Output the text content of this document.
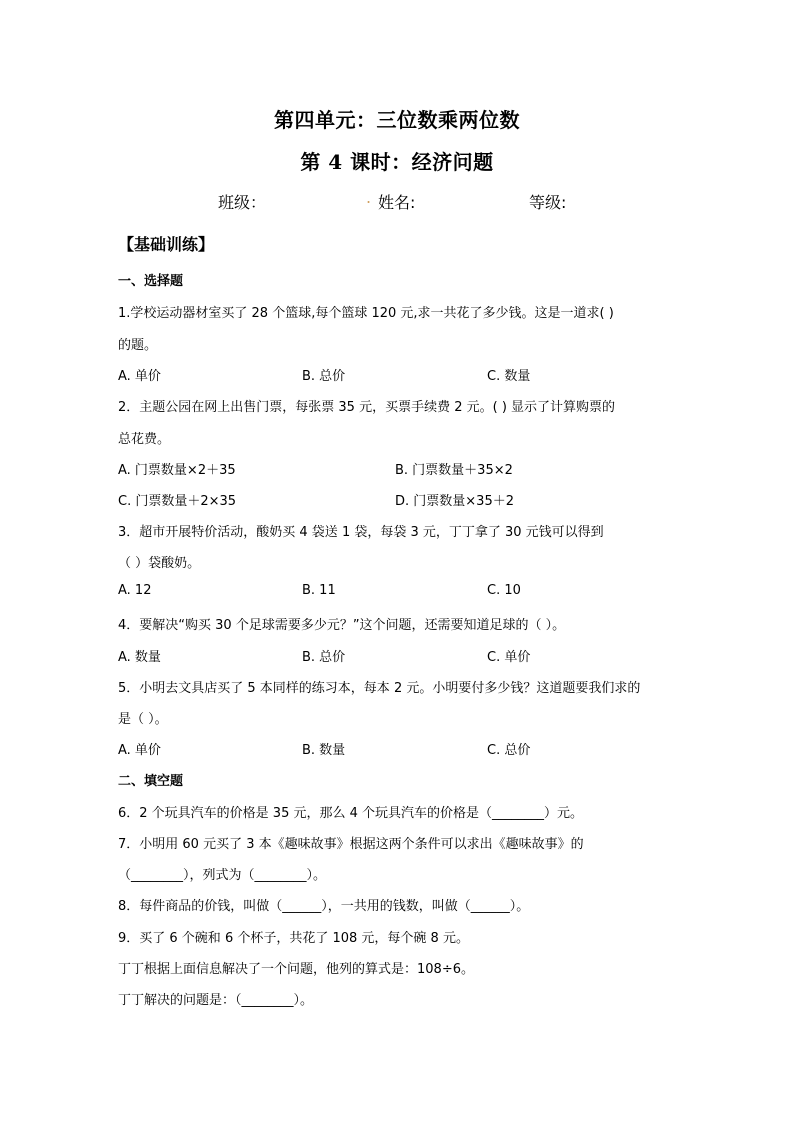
第四单元：三位数乘两位数
第 4 课时：经济问题
班级：	. 姓名:	等级:
【基础训练】
一、选择题
1.学校运动器材室买了 28 个篮球,每个篮球 120 元,求一共花了多少钱。这是一道求( )
的题。
A. 单价	B. 总价	C. 数量
2．主题公园在网上出售门票，每张票 35 元，买票手续费 2 元。( ) 显示了计算购票的
总花费。
A. 门票数量×2＋35	B. 门票数量＋35×2
C. 门票数量＋2×35	D. 门票数量×35＋2
3．超市开展特价活动，酸奶买 4 袋送 1 袋，每袋 3 元，丁丁拿了 30 元钱可以得到
（ ）袋酸奶。
A. 12	B. 11	C. 10
4．要解决“购买 30 个足球需要多少元？”这个问题，还需要知道足球的（ ）。
A. 数量	B. 总价	C. 单价
5．小明去文具店买了 5 本同样的练习本，每本 2 元。小明要付多少钱？这道题要我们求的
是（ ）。
A. 单价	B. 数量	C. 总价
二、填空题
6．2 个玩具汽车的价格是 35 元，那么 4 个玩具汽车的价格是（________）元。
7．小明用 60 元买了 3 本《趣味故事》根据这两个条件可以求出《趣味故事》的
（________），列式为（________）。
8．每件商品的价钱，叫做（______），一共用的钱数，叫做（______）。
9．买了 6 个碗和 6 个杯子，共花了 108 元，每个碗 8 元。
丁丁根据上面信息解决了一个问题，他列的算式是：108÷6。
丁丁解决的问题是：（________）。
